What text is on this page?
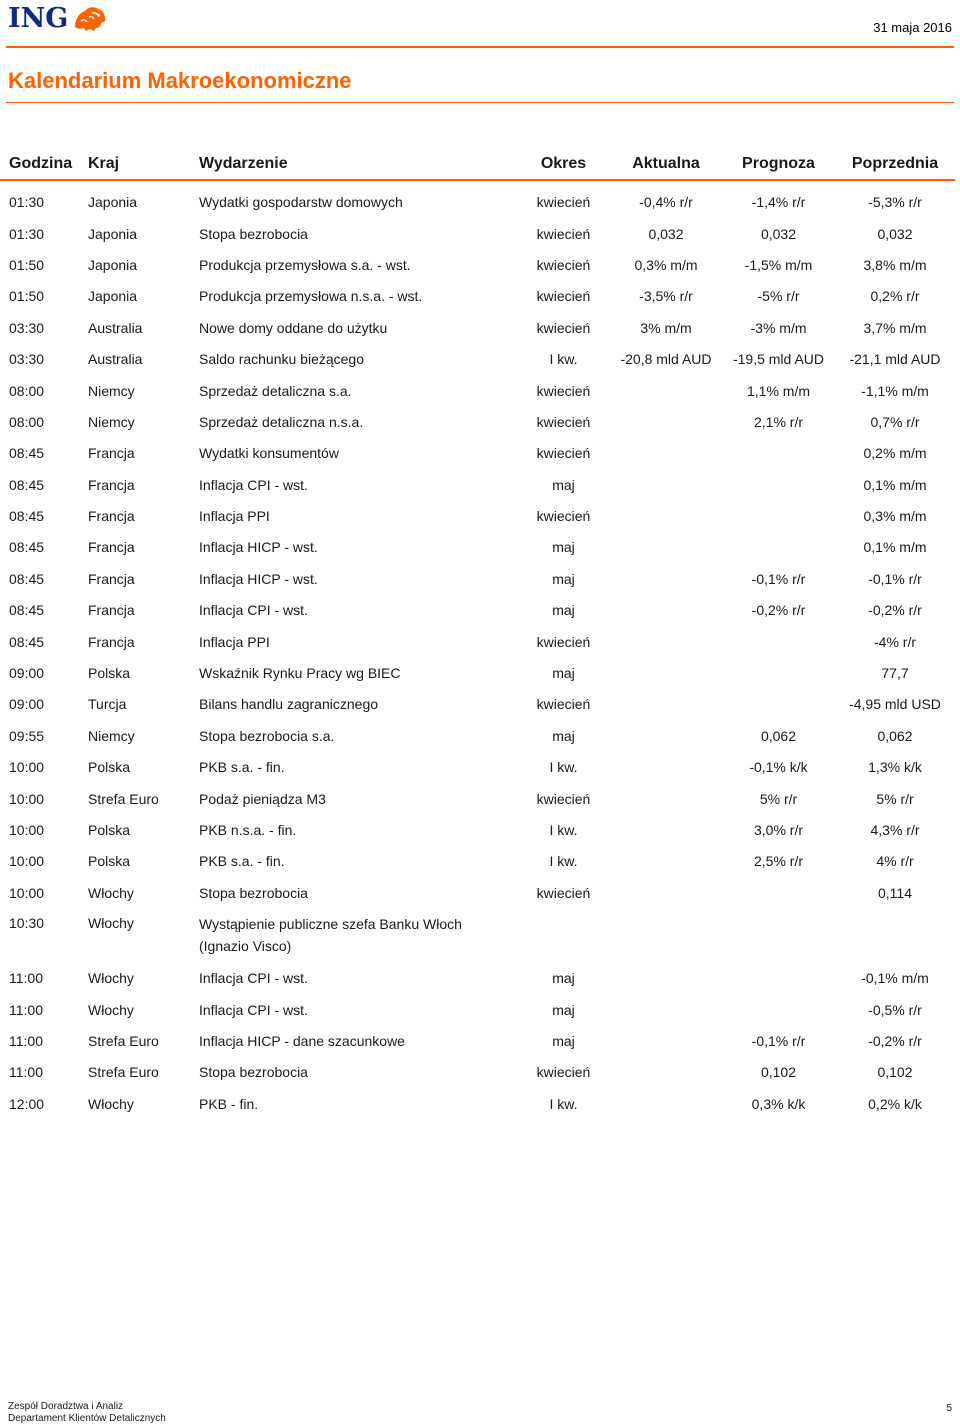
ING	31 maja 2016
Kalendarium Makroekonomiczne
Godzina	Kraj	Wydarzenie	Okres	Aktualna	Prognoza	Poprzednia

01:30	Japonia	Wydatki gospodarstw domowych	kwiecień	-0,4% r/r	-1,4% r/r	-5,3% r/r
01:30	Japonia	Stopa bezrobocia	kwiecień	0,032	0,032	0,032
01:50	Japonia	Produkcja przemysłowa s.a. - wst.	kwiecień	0,3% m/m	-1,5% m/m	3,8% m/m
01:50	Japonia	Produkcja przemysłowa n.s.a. - wst.	kwiecień	-3,5% r/r	-5% r/r	0,2% r/r
03:30	Australia	Nowe domy oddane do użytku	kwiecień	3% m/m	-3% m/m	3,7% m/m
03:30	Australia	Saldo rachunku bieżącego	I kw.	-20,8 mld AUD	-19,5 mld AUD	-21,1 mld AUD
08:00	Niemcy	Sprzedaż detaliczna s.a.	kwiecień		1,1% m/m	-1,1% m/m
08:00	Niemcy	Sprzedaż detaliczna n.s.a.	kwiecień		2,1% r/r	0,7% r/r
08:45	Francja	Wydatki konsumentów	kwiecień			0,2% m/m
08:45	Francja	Inflacja CPI - wst.	maj			0,1% m/m
08:45	Francja	Inflacja PPI	kwiecień			0,3% m/m
08:45	Francja	Inflacja HICP - wst.	maj			0,1% m/m
08:45	Francja	Inflacja HICP - wst.	maj		-0,1% r/r	-0,1% r/r
08:45	Francja	Inflacja CPI - wst.	maj		-0,2% r/r	-0,2% r/r
08:45	Francja	Inflacja PPI	kwiecień			-4% r/r
09:00	Polska	Wskaźnik Rynku Pracy wg BIEC	maj			77,7
09:00	Turcja	Bilans handlu zagranicznego	kwiecień			-4,95 mld USD
09:55	Niemcy	Stopa bezrobocia s.a.	maj		0,062	0,062
10:00	Polska	PKB s.a. - fin.	I kw.		-0,1% k/k	1,3% k/k
10:00	Strefa Euro	Podaż pieniądza M3	kwiecień		5% r/r	5% r/r
10:00	Polska	PKB n.s.a. - fin.	I kw.		3,0% r/r	4,3% r/r
10:00	Polska	PKB s.a. - fin.	I kw.		2,5% r/r	4% r/r
10:00	Włochy	Stopa bezrobocia	kwiecień			0,114
10:30	Włochy	Wystąpienie publiczne szefa Banku Włoch (Ignazio Visco)				
11:00	Włochy	Inflacja CPI - wst.	maj			-0,1% m/m
11:00	Włochy	Inflacja CPI - wst.	maj			-0,5% r/r
11:00	Strefa Euro	Inflacja HICP - dane szacunkowe	maj		-0,1% r/r	-0,2% r/r
11:00	Strefa Euro	Stopa bezrobocia	kwiecień		0,102	0,102
12:00	Włochy	PKB - fin.	I kw.		0,3% k/k	0,2% k/k
Zespół Doradztwa i Analiz
Departament Klientów Detalicznych
5
